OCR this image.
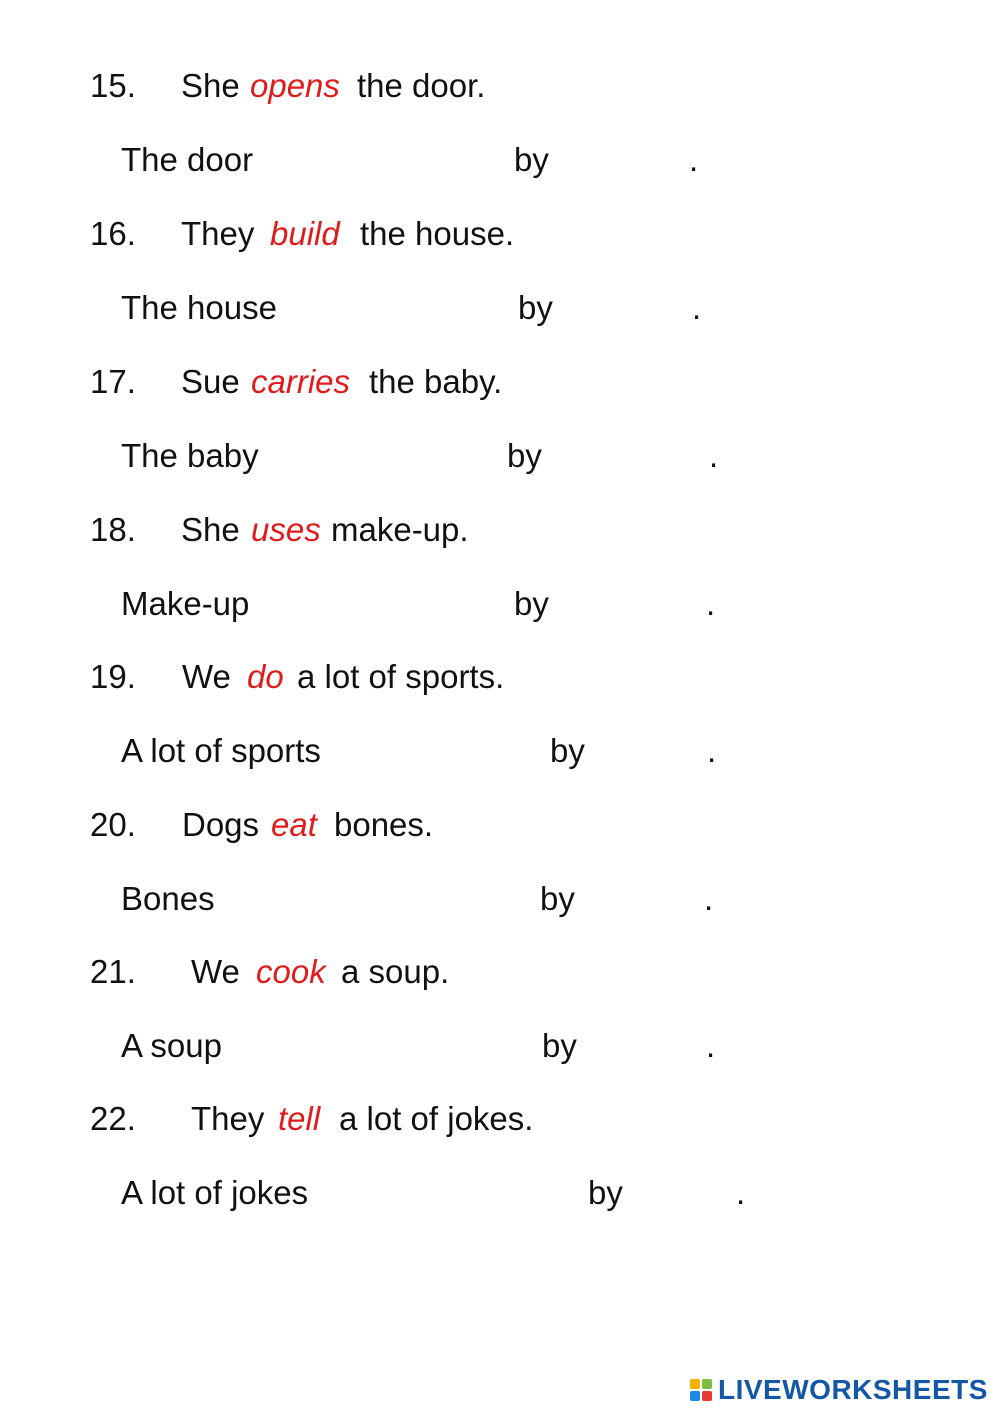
15. She opens the door.
The door	by	.
16. They build the house.
The house	by	.
17. Sue carries the baby.
The baby	by	.
18. She uses make-up.
Make-up	by	.
19. We do a lot of sports.
A lot of sports	by	.
20. Dogs eat bones.
Bones	by	.
21. We cook a soup.
A soup	by	.
22. They tell a lot of jokes.
A lot of jokes	by	.
LIVEWORKSHEETS
